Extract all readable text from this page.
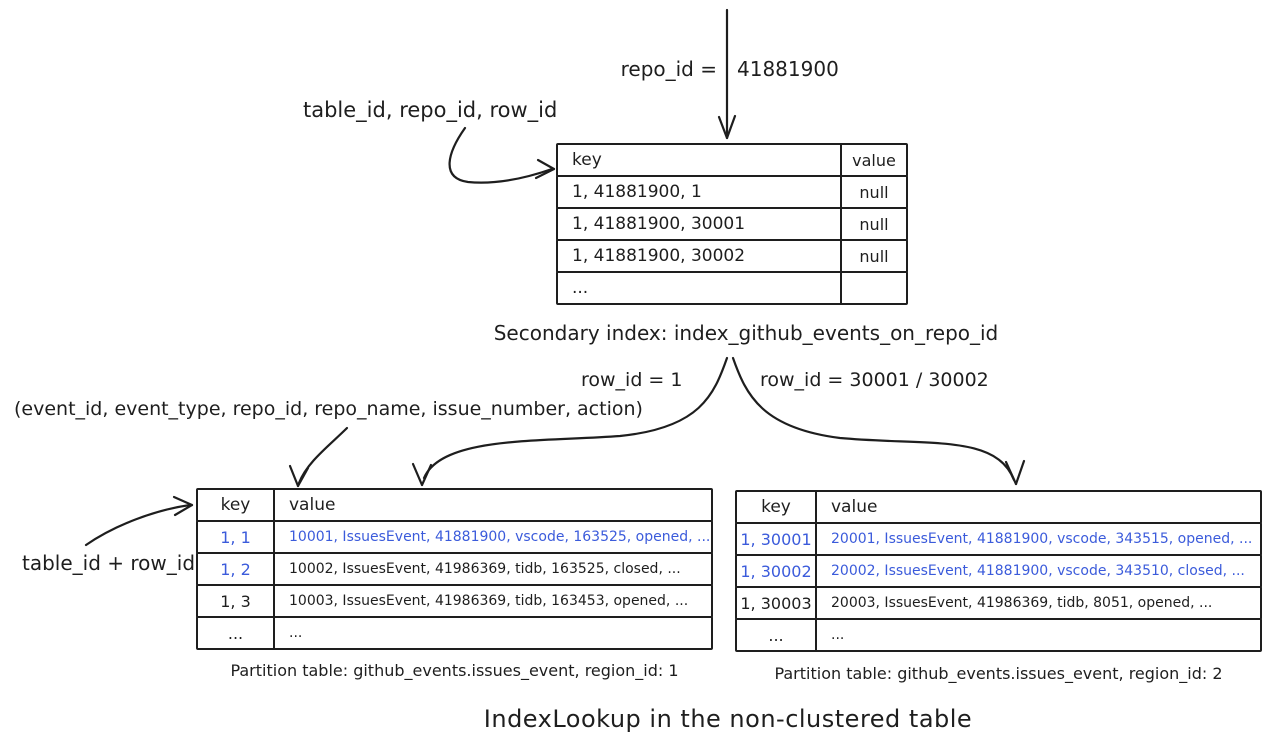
repo_id = 41881900
table_id, repo_id, row_id
key	value
1, 41881900, 1	null
1, 41881900, 30001	null
1, 41881900, 30002	null
...
Secondary index: index_github_events_on_repo_id
row_id = 1	row_id = 30001 / 30002
(event_id, event_type, repo_id, repo_name, issue_number, action)
table_id + row_id
key	value
1, 1	10001, IssuesEvent, 41881900, vscode, 163525, opened, ...
1, 2	10002, IssuesEvent, 41986369, tidb, 163525, closed, ...
1, 3	10003, IssuesEvent, 41986369, tidb, 163453, opened, ...
...	...
key	value
1, 30001	20001, IssuesEvent, 41881900, vscode, 343515, opened, ...
1, 30002	20002, IssuesEvent, 41881900, vscode, 343510, closed, ...
1, 30003	20003, IssuesEvent, 41986369, tidb, 8051, opened, ...
...	...
Partition table: github_events.issues_event, region_id: 1	Partition table: github_events.issues_event, region_id: 2
IndexLookup in the non-clustered table
